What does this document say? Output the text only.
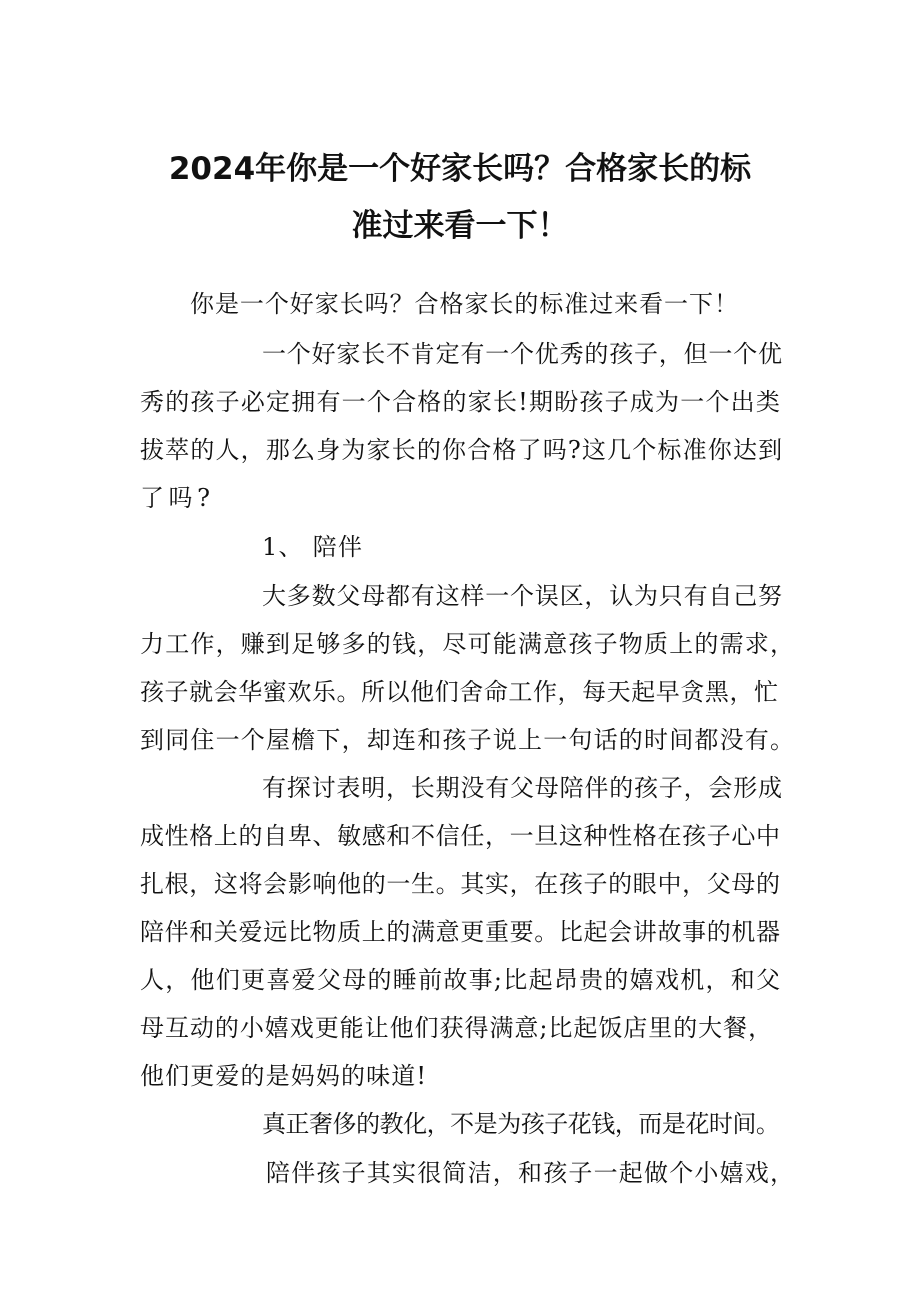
2024年你是一个好家长吗？合格家长的标
准过来看一下！
你是一个好家长吗？合格家长的标准过来看一下！
一个好家长不肯定有一个优秀的孩子，但一个优
秀的孩子必定拥有一个合格的家长!期盼孩子成为一个出类
拔萃的人，那么身为家长的你合格了吗?这几个标准你达到
了吗?
1、 陪伴
大多数父母都有这样一个误区，认为只有自己努
力工作，赚到足够多的钱，尽可能满意孩子物质上的需求，
孩子就会华蜜欢乐。所以他们舍命工作，每天起早贪黑，忙
到同住一个屋檐下，却连和孩子说上一句话的时间都没有。
有探讨表明，长期没有父母陪伴的孩子，会形成
成性格上的自卑、敏感和不信任，一旦这种性格在孩子心中
扎根，这将会影响他的一生。其实，在孩子的眼中，父母的
陪伴和关爱远比物质上的满意更重要。比起会讲故事的机器
人，他们更喜爱父母的睡前故事;比起昂贵的嬉戏机，和父
母互动的小嬉戏更能让他们获得满意;比起饭店里的大餐，
他们更爱的是妈妈的味道!
真正奢侈的教化，不是为孩子花钱，而是花时间。
陪伴孩子其实很简洁，和孩子一起做个小嬉戏，
